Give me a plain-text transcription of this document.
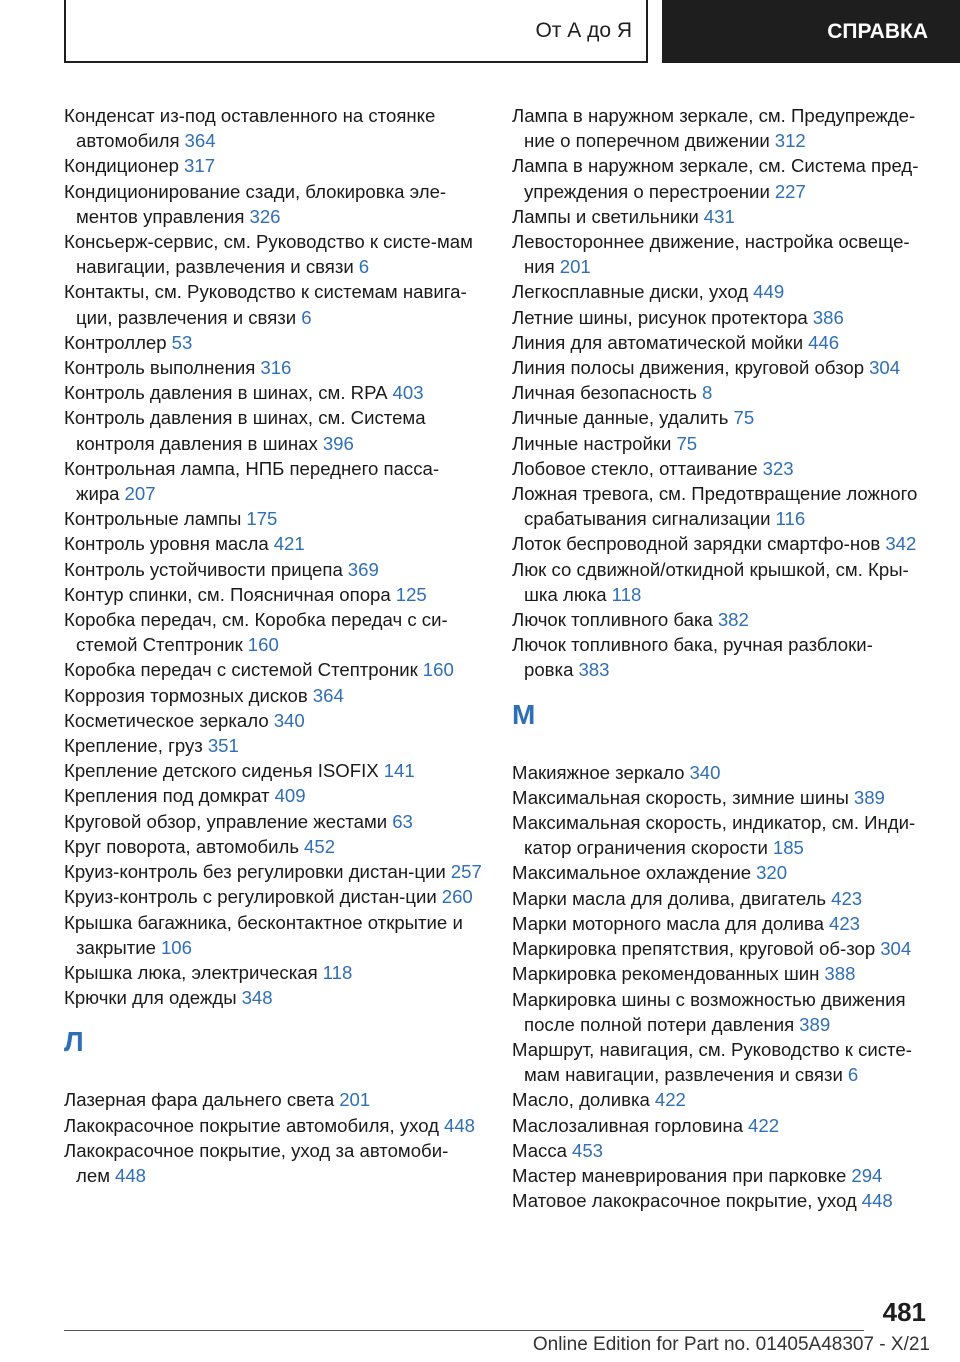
От А до Я	СПРАВКА

Конденсат из-под оставленного на стоянке автомобиля 364

Кондиционер 317

Кондиционирование сзади, блокировка эле-ментов управления 326

Консьерж-сервис, см. Руководство к систе-мам навигации, развлечения и связи 6

Контакты, см. Руководство к системам навига-ции, развлечения и связи 6

Контроллер 53

Контроль выполнения 316

Контроль давления в шинах, см. RPA 403

Контроль давления в шинах, см. Система контроля давления в шинах 396

Контрольная лампа, НПБ переднего пасса-жира 207

Контрольные лампы 175

Контроль уровня масла 421

Контроль устойчивости прицепа 369

Контур спинки, см. Поясничная опора 125

Коробка передач, см. Коробка передач с си-стемой Стептроник 160

Коробка передач с системой Стептроник 160

Коррозия тормозных дисков 364

Косметическое зеркало 340

Крепление, груз 351

Крепление детского сиденья ISOFIX 141

Крепления под домкрат 409

Круговой обзор, управление жестами 63

Круг поворота, автомобиль 452

Круиз-контроль без регулировки дистан-ции 257

Круиз-контроль с регулировкой дистан-ции 260

Крышка багажника, бесконтактное открытие и закрытие 106

Крышка люка, электрическая 118

Крючки для одежды 348

Л

Лазерная фара дальнего света 201

Лакокрасочное покрытие автомобиля, уход 448

Лакокрасочное покрытие, уход за автомоби-лем 448

Лампа в наружном зеркале, см. Предупрежде-ние о поперечном движении 312

Лампа в наружном зеркале, см. Система пред-упреждения о перестроении 227

Лампы и светильники 431

Левостороннее движение, настройка освеще-ния 201

Легкосплавные диски, уход 449

Летние шины, рисунок протектора 386

Линия для автоматической мойки 446

Линия полосы движения, круговой обзор 304

Личная безопасность 8

Личные данные, удалить 75

Личные настройки 75

Лобовое стекло, оттаивание 323

Ложная тревога, см. Предотвращение ложного срабатывания сигнализации 116

Лоток беспроводной зарядки смартфо-нов 342

Люк со сдвижной/откидной крышкой, см. Кры-шка люка 118

Лючок топливного бака 382

Лючок топливного бака, ручная разблоки-ровка 383

М

Макияжное зеркало 340

Максимальная скорость, зимние шины 389

Максимальная скорость, индикатор, см. Инди-катор ограничения скорости 185

Максимальное охлаждение 320

Марки масла для долива, двигатель 423

Марки моторного масла для долива 423

Маркировка препятствия, круговой об-зор 304

Маркировка рекомендованных шин 388

Маркировка шины с возможностью движения после полной потери давления 389

Маршрут, навигация, см. Руководство к систе-мам навигации, развлечения и связи 6

Масло, доливка 422

Маслозаливная горловина 422

Масса 453

Мастер маневрирования при парковке 294

Матовое лакокрасочное покрытие, уход 448

481
Online Edition for Part no. 01405A48307 - X/21
